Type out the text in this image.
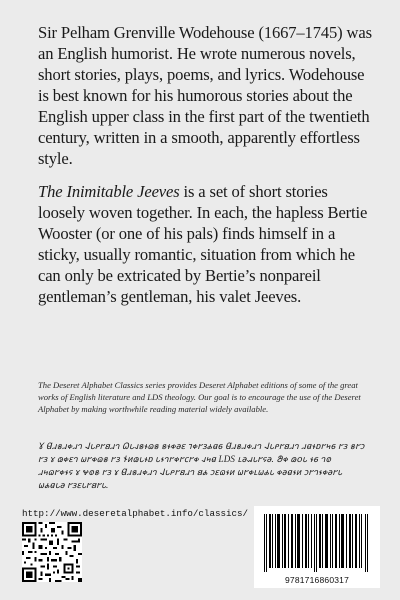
Sir Pelham Grenville Wodehouse (1667–1745) was an English humorist. He wrote numerous novels, short stories, plays, poems, and lyrics. Wodehouse is best known for his humorous stories about the English upper class in the first part of the twentieth century, written in a smooth, apparently effortless style.

The Inimitable Jeeves is a set of short stories loosely woven together. In each, the hapless Bertie Wooster (or one of his pals) finds himself in a sticky, usually romantic, situation from which he can only be extricated by Bertie’s nonpareil gentleman’s gentleman, his valet Jeeves.

The Deseret Alphabet Classics series provides Deseret Alphabet editions of some of the great works of English literature and LDS theology. Our goal is to encourage the use of the Deseret Alphabet by making worthwhile reading material widely available.

𐐜 𐐔𐐯𐑅𐐯𐑉𐐯𐐻 𐐈𐑊𐑁𐐲𐐺𐐯𐐻 𐐗𐑊𐐰𐑅𐐮𐐿𐑅 𐑅𐐮𐑉𐐨𐐩 𐐹𐑉𐐲𐑂𐐴𐐼𐑆 𐐔𐐯𐑅𐐯𐑉𐐯𐐻 𐐈𐑊𐑁𐐲𐐺𐐯𐐻 𐐯𐐼𐐮𐑇𐐲𐑌𐑆 𐐲𐑂 𐑅𐐲𐑋 𐐲𐑂 𐑄 𐑀𐑉𐐩𐐻 𐐶𐐲𐑉𐐿𐑅 𐐲𐑂 𐐆𐑍𐑀𐑊𐐮𐑇 𐑊𐐮𐐻𐐲𐑉𐐲𐐽𐐲𐑉 𐐰𐑌𐐼 LDS 𐑃𐐨𐐱𐑊𐐲𐐾𐐨. 𐐍𐑉 𐑀𐐬𐑊 𐐮𐑆 𐐻𐐭 𐐯𐑌𐐿𐐲𐑉𐐮𐐾 𐑄 𐐷𐐭𐑅 𐐲𐑂 𐑄 𐐔𐐯𐑅𐐯𐑉𐐯𐐻 𐐈𐑊𐑁𐐲𐐺𐐯𐐻 𐐺𐐴 𐑋𐐩𐐿𐐮𐑍 𐐶𐐲𐑉𐑃𐐶𐐴𐑊 𐑉𐐨𐐼𐐮𐑍 𐑋𐐲𐐻𐐮𐑉𐐨𐐲𐑊 𐐶𐐴𐐼𐑊𐐨 𐐲𐑂𐐩𐑊𐐲𐐺𐐲𐑊.

http://www.deseretalphabet.info/classics/
9781716860317
